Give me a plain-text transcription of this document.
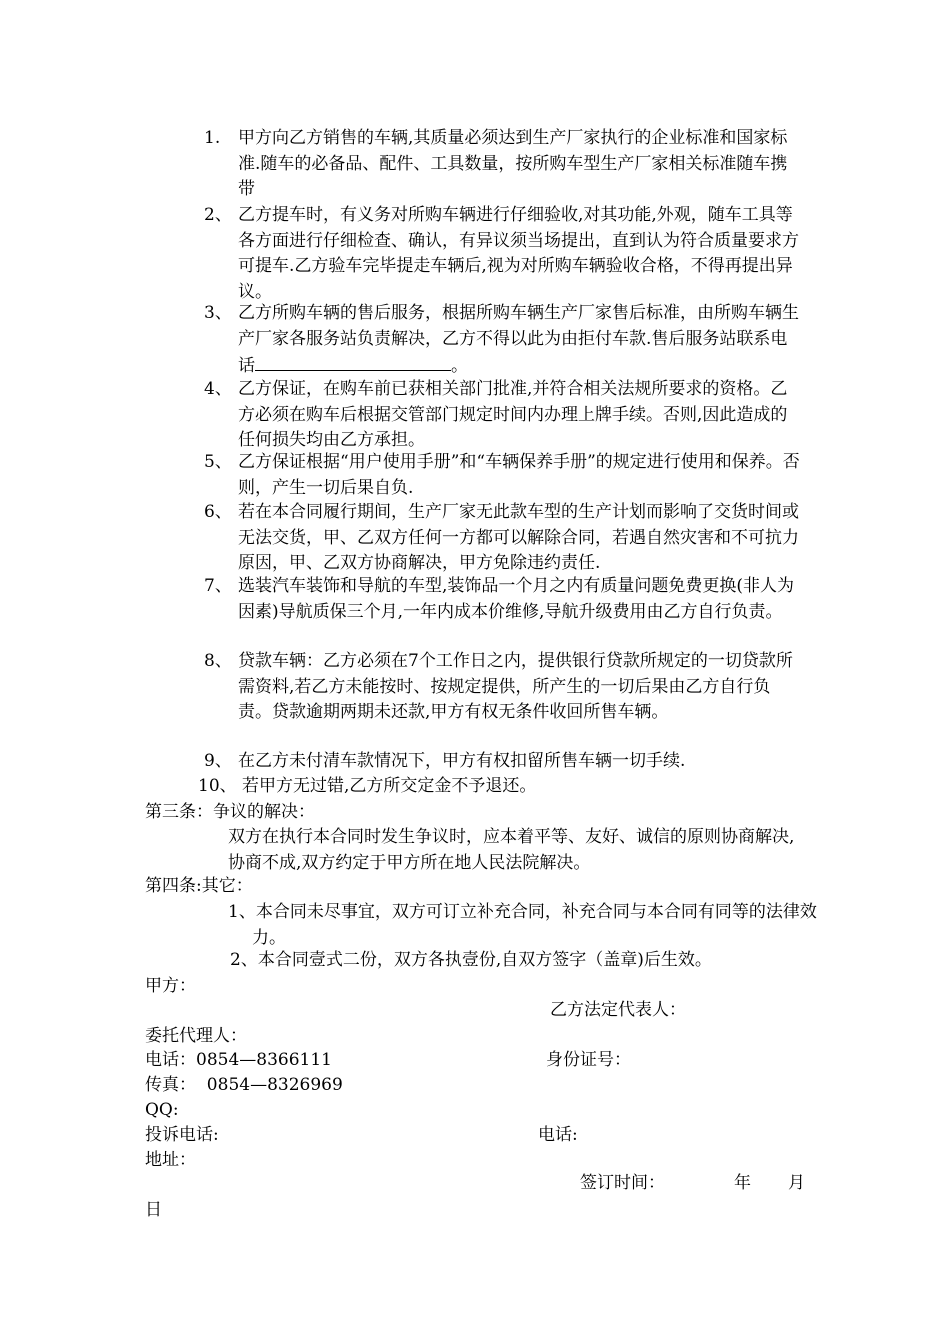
1. 甲方向乙方销售的车辆,其质量必须达到生产厂家执行的企业标准和国家标准.随车的必备品、配件、工具数量，按所购车型生产厂家相关标准随车携带
2、 乙方提车时，有义务对所购车辆进行仔细验收,对其功能,外观，随车工具等各方面进行仔细检查、确认，有异议须当场提出，直到认为符合质量要求方可提车.乙方验车完毕提走车辆后,视为对所购车辆验收合格，不得再提出异议。
3、 乙方所购车辆的售后服务，根据所购车辆生产厂家售后标准，由所购车辆生产厂家各服务站负责解决，乙方不得以此为由拒付车款.售后服务站联系电话	。
4、 乙方保证，在购车前已获相关部门批准,并符合相关法规所要求的资格。乙方必须在购车后根据交管部门规定时间内办理上牌手续。否则,因此造成的任何损失均由乙方承担。
5、 乙方保证根据“用户使用手册”和“车辆保养手册”的规定进行使用和保养。否则，产生一切后果自负.
6、 若在本合同履行期间，生产厂家无此款车型的生产计划而影响了交货时间或无法交货，甲、乙双方任何一方都可以解除合同，若遇自然灾害和不可抗力原因，甲、乙双方协商解决，甲方免除违约责任.
7、 选装汽车装饰和导航的车型,装饰品一个月之内有质量问题免费更换(非人为因素)导航质保三个月,一年内成本价维修,导航升级费用由乙方自行负责。
8、 贷款车辆：乙方必须在7个工作日之内，提供银行贷款所规定的一切贷款所需资料,若乙方未能按时、按规定提供，所产生的一切后果由乙方自行负责。贷款逾期两期未还款,甲方有权无条件收回所售车辆。
9、 在乙方未付清车款情况下，甲方有权扣留所售车辆一切手续.
10、 若甲方无过错,乙方所交定金不予退还。
第三条：争议的解决：
双方在执行本合同时发生争议时，应本着平等、友好、诚信的原则协商解决,协商不成,双方约定于甲方所在地人民法院解决。
第四条:其它：
1、本合同未尽事宜，双方可订立补充合同，补充合同与本合同有同等的法律效力。
2、本合同壹式二份，双方各执壹份,自双方签字（盖章)后生效。
甲方：
乙方法定代表人：
委托代理人：
电话：0854—8366111	身份证号：
传真：  0854—8326969
QQ:
投诉电话:	电话:
地址：
签订时间：	年 月
日
